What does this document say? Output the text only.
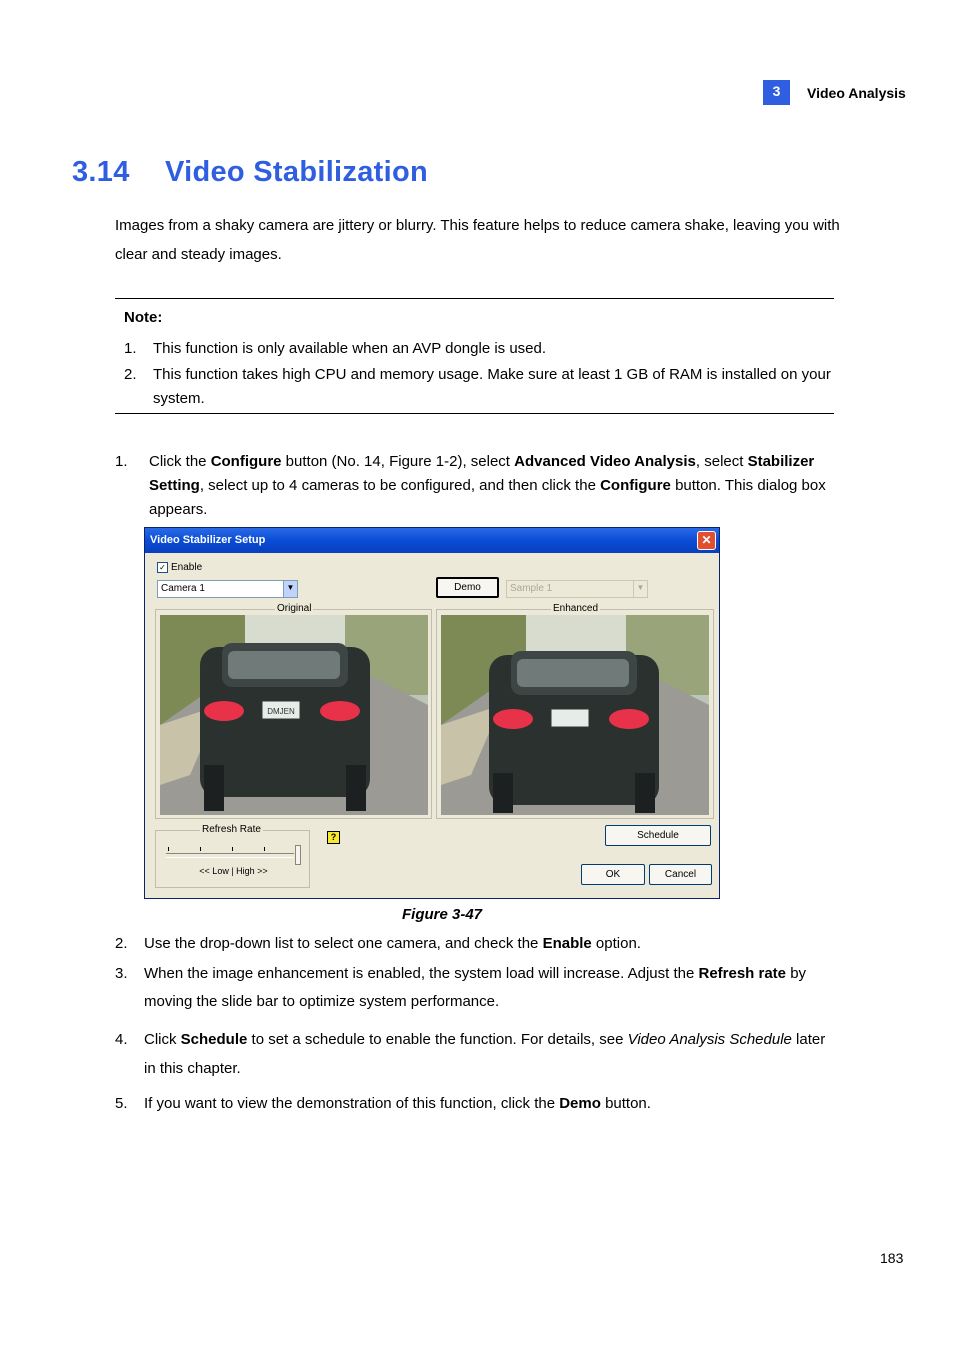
3	Video Analysis
3.14 Video Stabilization
Images from a shaky camera are jittery or blurry. This feature helps to reduce camera shake, leaving you with clear and steady images.
Note:
1. This function is only available when an AVP dongle is used.
2. This function takes high CPU and memory usage. Make sure at least 1 GB of RAM is installed on your system.
1. Click the Configure button (No. 14, Figure 1-2), select Advanced Video Analysis, select Stabilizer Setting, select up to 4 cameras to be configured, and then click the Configure button. This dialog box appears.
Video Stabilizer Setup	✕
✓ Enable
Camera 1	▼	Demo	Sample 1	▼
Original
DMJEN
Enhanced
Refresh Rate
<< Low | High >>
?	Schedule
OK	Cancel
Figure 3-47
2. Use the drop-down list to select one camera, and check the Enable option.
3. When the image enhancement is enabled, the system load will increase. Adjust the Refresh rate by moving the slide bar to optimize system performance.
4. Click Schedule to set a schedule to enable the function. For details, see Video Analysis Schedule later in this chapter.
5. If you want to view the demonstration of this function, click the Demo button.
183
